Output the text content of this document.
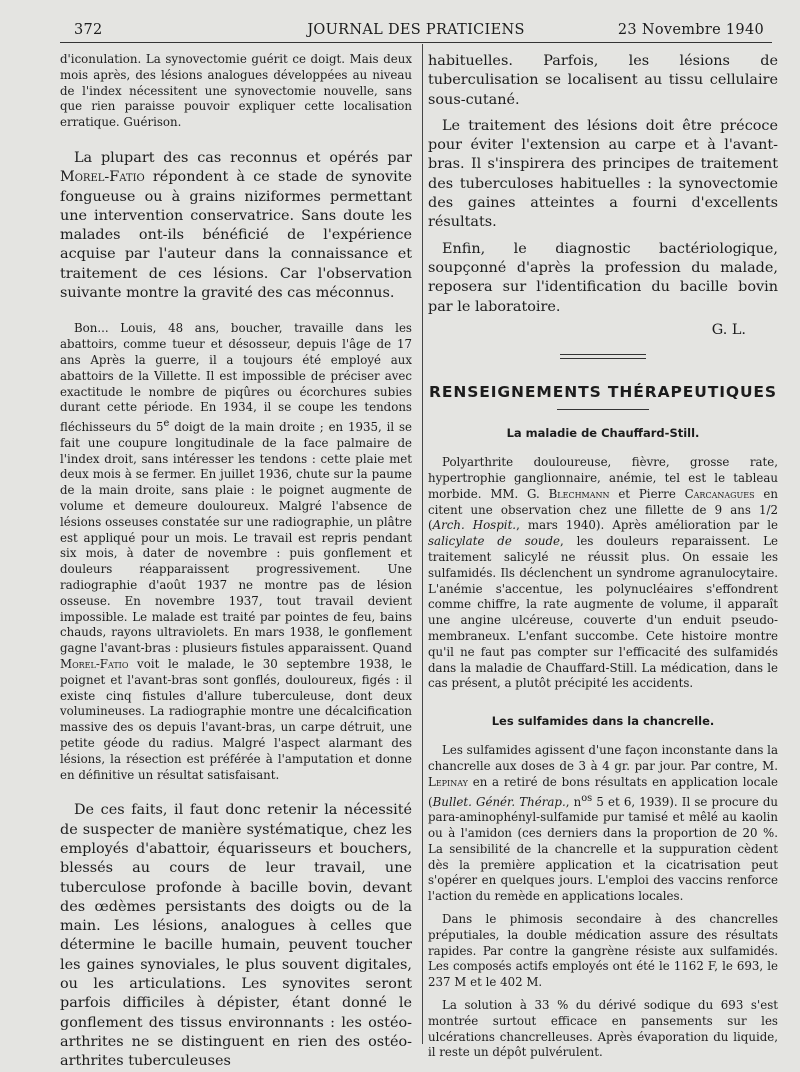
372	JOURNAL DES PRATICIENS	23 Novembre 1940

d'iconulation. La synovectomie guérit ce doigt. Mais deux mois après, des lésions analogues développées au niveau de l'index nécessitent une synovectomie nouvelle, sans que rien paraisse pouvoir expliquer cette localisation erratique. Guérison.

La plupart des cas reconnus et opérés par Morel-Fatio répondent à ce stade de synovite fongueuse ou à grains niziformes permettant une intervention conservatrice. Sans doute les malades ont-ils bénéficié de l'expérience acquise par l'auteur dans la connaissance et traitement de ces lésions. Car l'observation suivante montre la gravité des cas méconnus.

Bon... Louis, 48 ans, boucher, travaille dans les abattoirs, comme tueur et désosseur, depuis l'âge de 17 ans Après la guerre, il a toujours été employé aux abattoirs de la Villette. Il est impossible de préciser avec exactitude le nombre de piqûres ou écorchures subies durant cette période. En 1934, il se coupe les tendons fléchisseurs du 5e doigt de la main droite ; en 1935, il se fait une coupure longitudinale de la face palmaire de l'index droit, sans intéresser les tendons : cette plaie met deux mois à se fermer. En juillet 1936, chute sur la paume de la main droite, sans plaie : le poignet augmente de volume et demeure douloureux. Malgré l'absence de lésions osseuses constatée sur une radiographie, un plâtre est appliqué pour un mois. Le travail est repris pendant six mois, à dater de novembre : puis gonflement et douleurs réapparaissent progressivement. Une radiographie d'août 1937 ne montre pas de lésion osseuse. En novembre 1937, tout travail devient impossible. Le malade est traité par pointes de feu, bains chauds, rayons ultraviolets. En mars 1938, le gonflement gagne l'avant-bras : plusieurs fistules apparaissent. Quand Morel-Fatio voit le malade, le 30 septembre 1938, le poignet et l'avant-bras sont gonflés, douloureux, figés : il existe cinq fistules d'allure tuberculeuse, dont deux volumineuses. La radiographie montre une décalcification massive des os depuis l'avant-bras, un carpe détruit, une petite géode du radius. Malgré l'aspect alarmant des lésions, la résection est préférée à l'amputation et donne en définitive un résultat satisfaisant.

De ces faits, il faut donc retenir la nécessité de suspecter de manière systématique, chez les employés d'abattoir, équarisseurs et bouchers, blessés au cours de leur travail, une tuberculose profonde à bacille bovin, devant des œdèmes persistants des doigts ou de la main. Les lésions, analogues à celles que détermine le bacille humain, peuvent toucher les gaines synoviales, le plus souvent digitales, ou les articulations. Les synovites seront parfois difficiles à dépister, étant donné le gonflement des tissus environnants : les ostéo-arthrites ne se distinguent en rien des ostéo-arthrites tuberculeuses

habituelles. Parfois, les lésions de tuberculisation se localisent au tissu cellulaire sous-cutané.

Le traitement des lésions doit être précoce pour éviter l'extension au carpe et à l'avant-bras. Il s'inspirera des principes de traitement des tuberculoses habituelles : la synovectomie des gaines atteintes a fourni d'excellents résultats.

Enfin, le diagnostic bactériologique, soupçonné d'après la profession du malade, reposera sur l'identification du bacille bovin par le laboratoire.

G. L.

RENSEIGNEMENTS THÉRAPEUTIQUES
La maladie de Chauffard-Still.

Polyarthrite douloureuse, fièvre, grosse rate, hypertrophie ganglionnaire, anémie, tel est le tableau morbide. MM. G. Blechmann et Pierre Carcanagues en citent une observation chez une fillette de 9 ans 1/2 (Arch. Hospit., mars 1940). Après amélioration par le salicylate de soude, les douleurs reparaissent. Le traitement salicylé ne réussit plus. On essaie les sulfamidés. Ils déclenchent un syndrome agranulocytaire. L'anémie s'accentue, les polynucléaires s'effondrent comme chiffre, la rate augmente de volume, il apparaît une angine ulcéreuse, couverte d'un enduit pseudo-membraneux. L'enfant succombe. Cete histoire montre qu'il ne faut pas compter sur l'efficacité des sulfamidés dans la maladie de Chauffard-Still. La médication, dans le cas présent, a plutôt précipité les accidents.

Les sulfamides dans la chancrelle.

Les sulfamides agissent d'une façon inconstante dans la chancrelle aux doses de 3 à 4 gr. par jour. Par contre, M. Lepinay en a retiré de bons résultats en application locale (Bullet. Génér. Thérap., $n^{os}$ 5 et 6, 1939). Il se procure du para-aminophényl-sulfamide pur tamisé et mêlé au kaolin ou à l'amidon (ces derniers dans la proportion de 20 %. La sensibilité de la chancrelle et la suppuration cèdent dès la première application et la cicatrisation peut s'opérer en quelques jours. L'emploi des vaccins renforce l'action du remède en applications locales.

Dans le phimosis secondaire à des chancrelles préputiales, la double médication assure des résultats rapides. Par contre la gangrène résiste aux sulfamidés. Les composés actifs employés ont été le 1162 F, le 693, le 237 M et le 402 M.

La solution à 33 % du dérivé sodique du 693 s'est montrée surtout efficace en pansements sur les ulcérations chancrelleuses. Après évaporation du liquide, il reste un dépôt pulvérulent.
